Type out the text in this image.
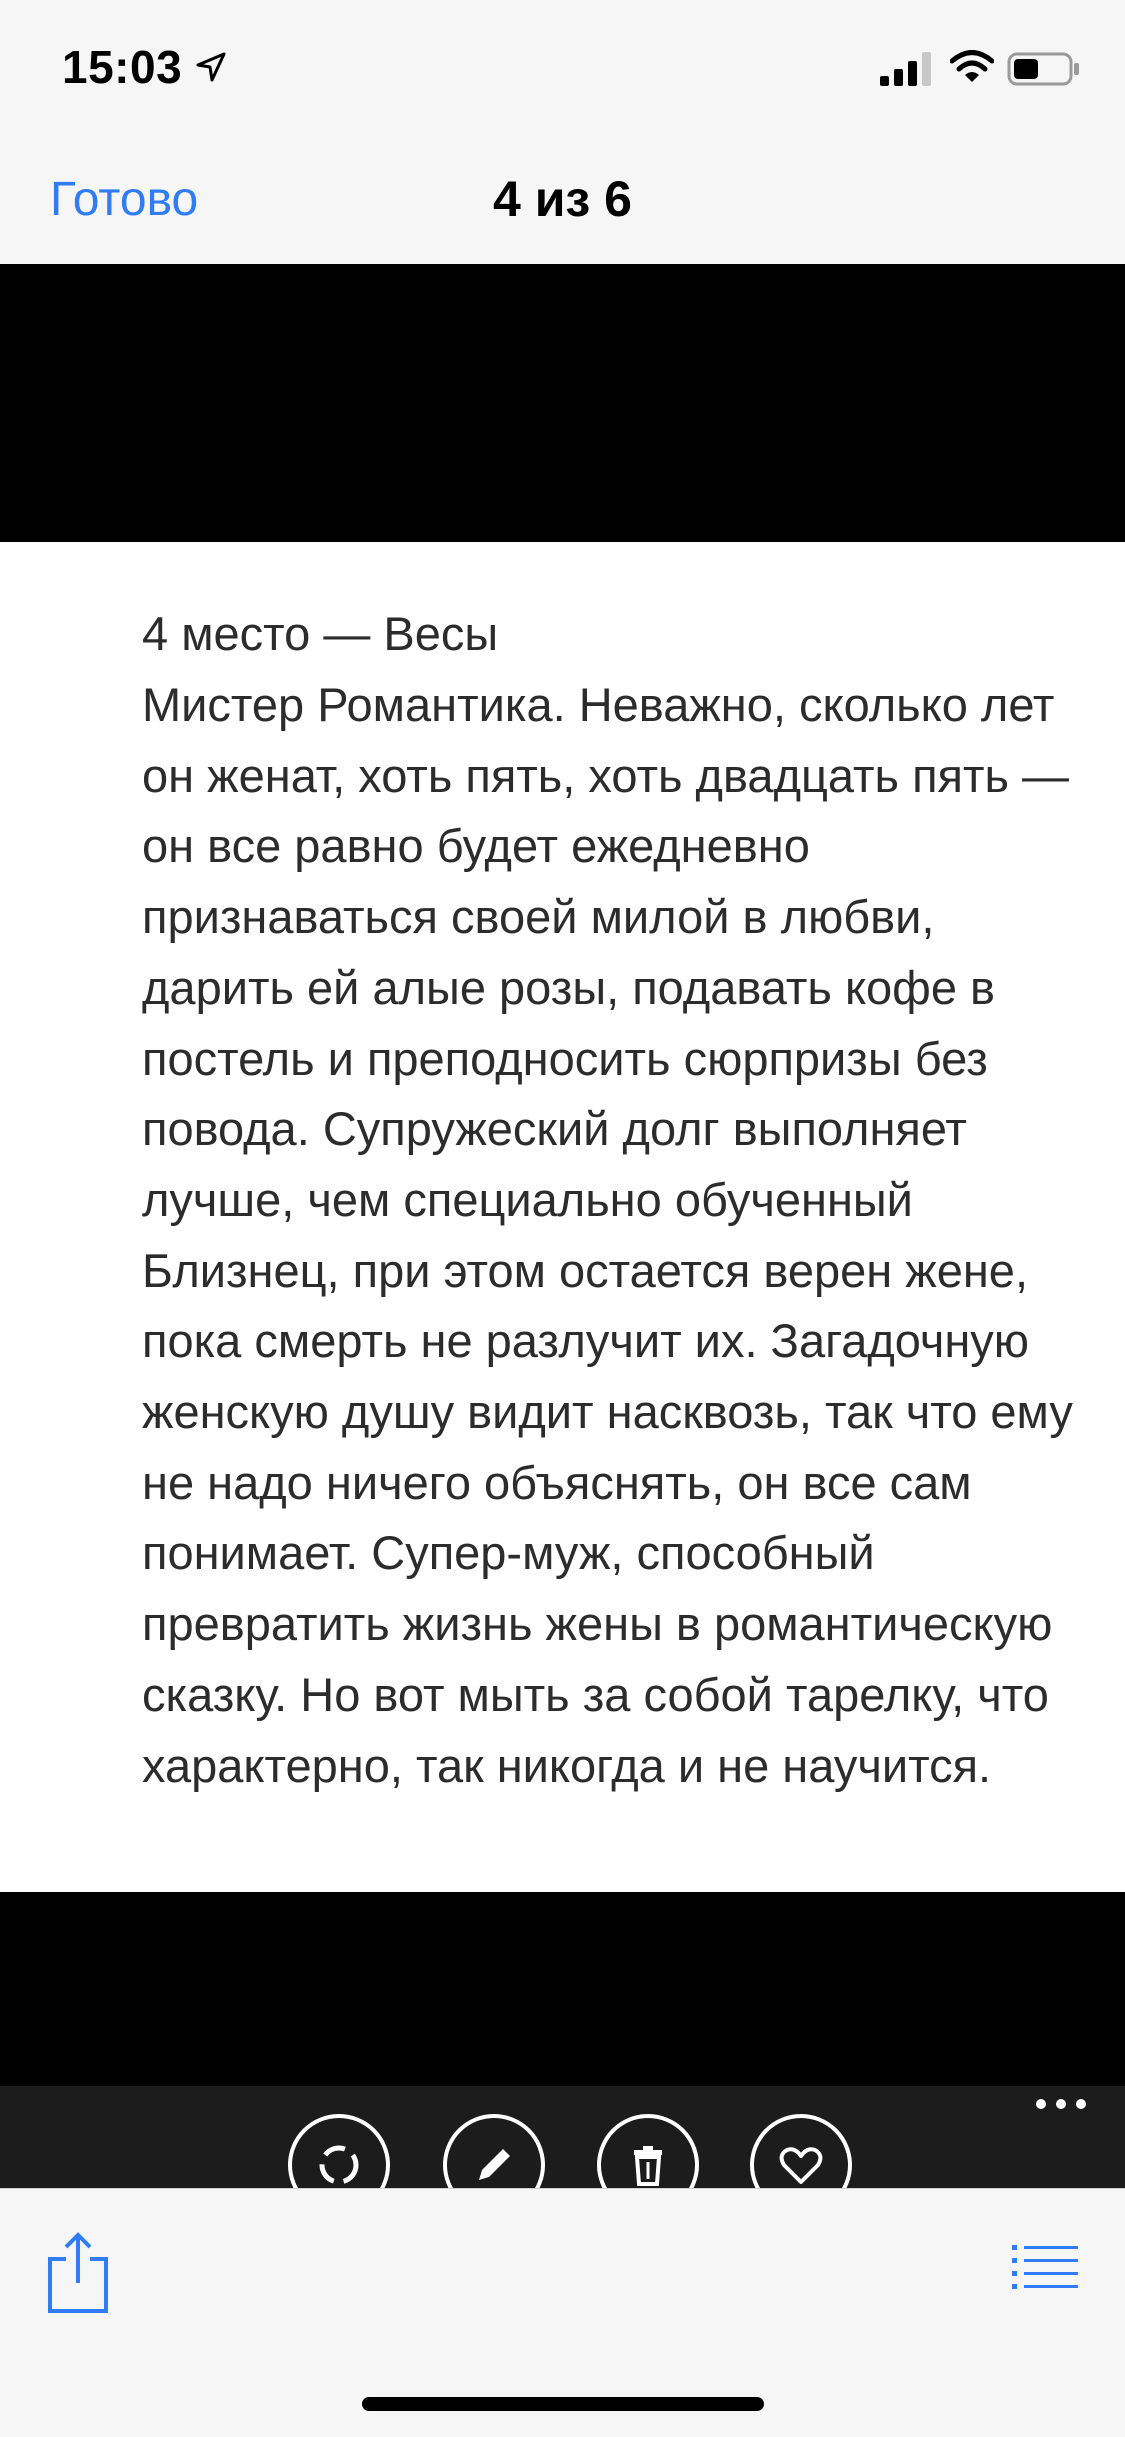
15:03
Готово	4 из 6
4 место — Весы
Мистер Романтика. Неважно, сколько лет он женат, хоть пять, хоть двадцать пять — он все равно будет ежедневно признаваться своей милой в любви, дарить ей алые розы, подавать кофе в постель и преподносить сюрпризы без повода. Супружеский долг выполняет лучше, чем специально обученный Близнец, при этом остается верен жене, пока смерть не разлучит их. Загадочную женскую душу видит насквозь, так что ему не надо ничего объяснять, он все сам понимает. Супер-муж, способный превратить жизнь жены в романтическую сказку. Но вот мыть за собой тарелку, что характерно, так никогда и не научится.
